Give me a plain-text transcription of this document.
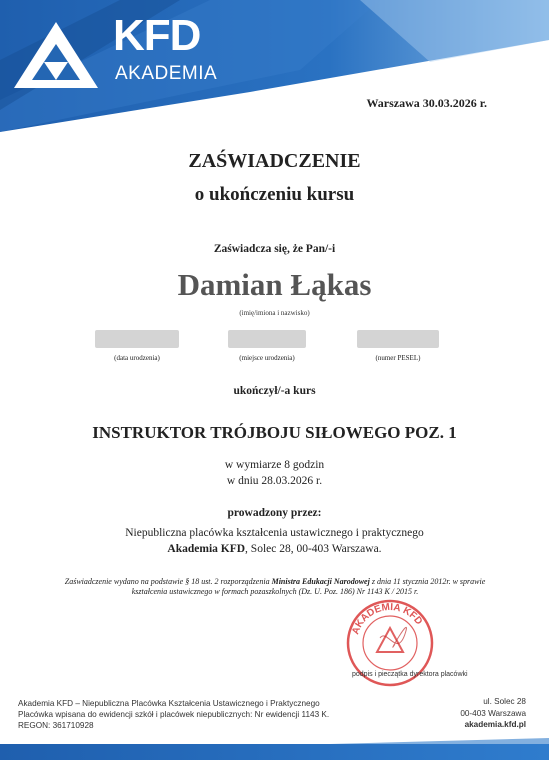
KFD
AKADEMIA
Warszawa 30.03.2026 r.
ZAŚWIADCZENIE
o ukończeniu kursu
Zaświadcza się, że Pan/-i
Damian Łąkas
(imię/imiona i nazwisko)
(data urodzenia)	(miejsce urodzenia)	(numer PESEL)
ukończył/-a kurs
INSTRUKTOR TRÓJBOJU SIŁOWEGO POZ. 1
w wymiarze 8 godzin
w dniu 28.03.2026 r.
prowadzony przez:
Niepubliczna placówka kształcenia ustawicznego i praktycznego
Akademia KFD, Solec 28, 00-403 Warszawa.
Zaświadczenie wydano na podstawie § 18 ust. 2 rozporządzenia Ministra Edukacji Narodowej z dnia 11 stycznia 2012r. w sprawie kształcenia ustawicznego w formach pozaszkolnych (Dz. U. Poz. 186) Nr 1143 K / 2015 r.
AKADEMIA KFD
podpis i pieczątka dyrektora placówki
Akademia KFD – Niepubliczna Placówka Kształcenia Ustawicznego i Praktycznego
Placówka wpisana do ewidencji szkół i placówek niepublicznych: Nr ewidencji 1143 K.
REGON: 361710928
ul. Solec 28
00-403 Warszawa
akademia.kfd.pl
